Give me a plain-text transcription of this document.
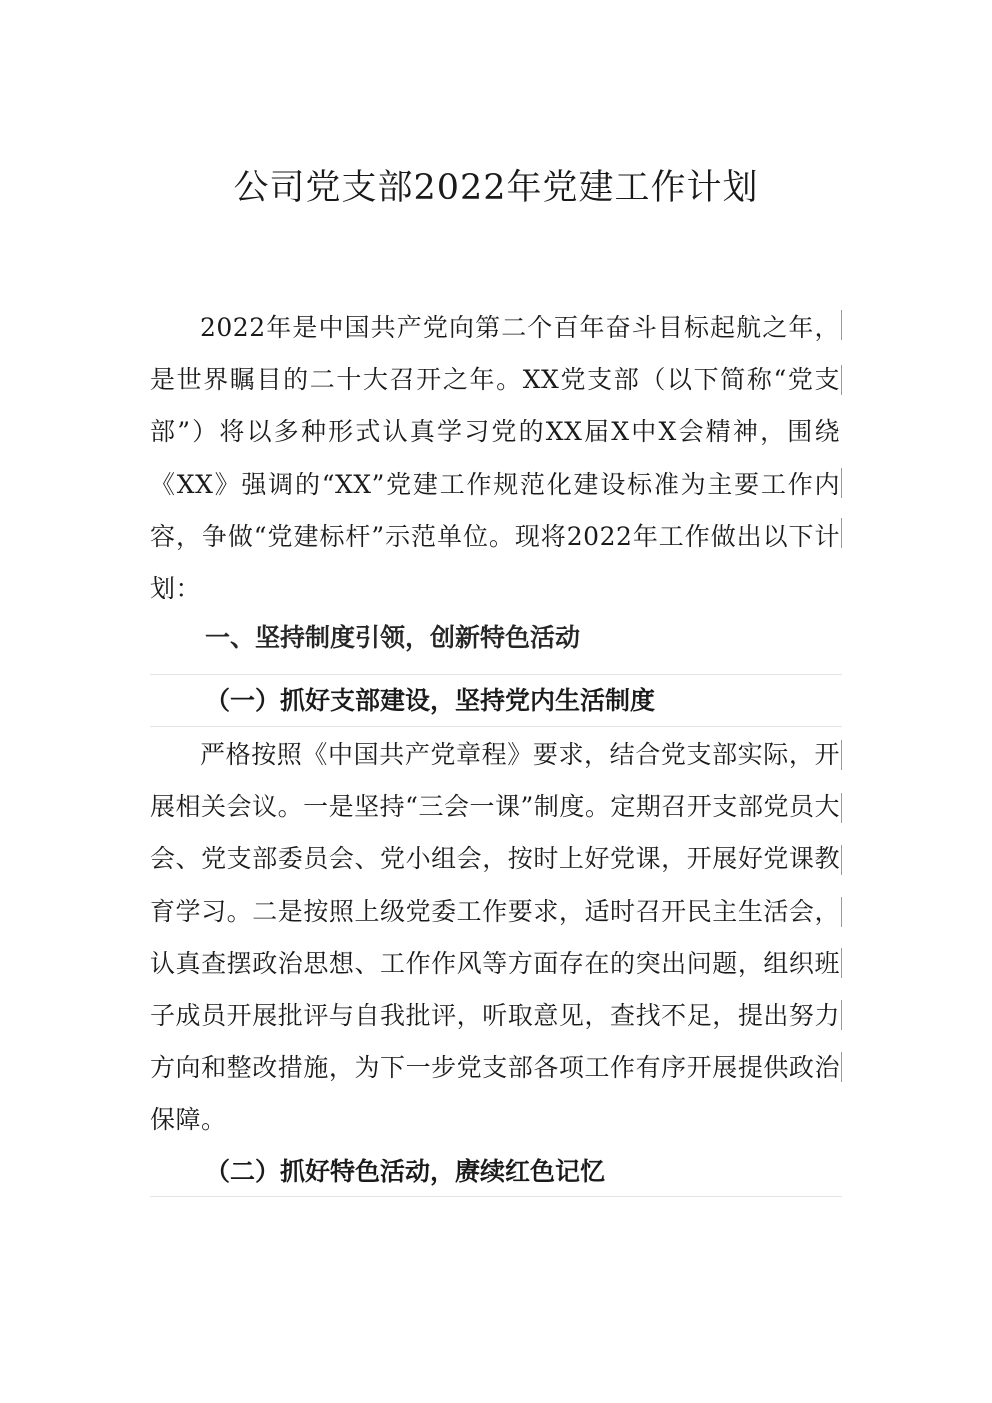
公司党支部2022年党建工作计划

2022年是中国共产党向第二个百年奋斗目标起航之年，是世界瞩目的二十大召开之年。XX党支部（以下简称“党支部”）将以多种形式认真学习党的XX届X中X会精神，围绕《XX》强调的“XX”党建工作规范化建设标准为主要工作内容，争做“党建标杆”示范单位。现将2022年工作做出以下计划：

一、坚持制度引领，创新特色活动
（一）抓好支部建设，坚持党内生活制度

严格按照《中国共产党章程》要求，结合党支部实际，开展相关会议。一是坚持“三会一课”制度。定期召开支部党员大会、党支部委员会、党小组会，按时上好党课，开展好党课教育学习。二是按照上级党委工作要求，适时召开民主生活会，认真查摆政治思想、工作作风等方面存在的突出问题，组织班子成员开展批评与自我批评，听取意见，查找不足，提出努力方向和整改措施，为下一步党支部各项工作有序开展提供政治保障。

（二）抓好特色活动，赓续红色记忆
